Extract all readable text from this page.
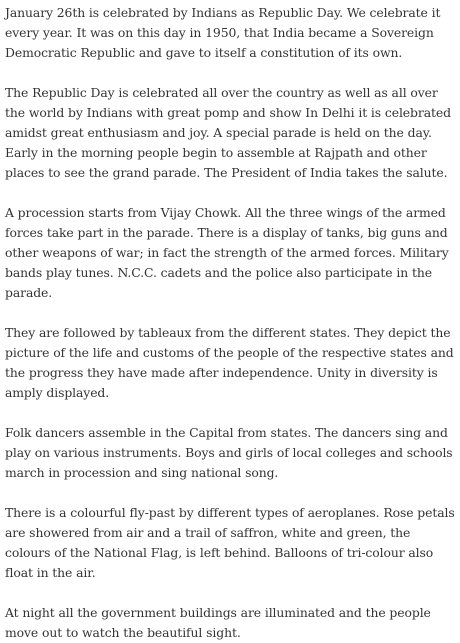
January 26th is celebrated by Indians as Republic Day. We celebrate it every year. It was on this day in 1950, that India became a Sovereign Democratic Republic and gave to itself a constitution of its own.

The Republic Day is celebrated all over the country as well as all over the world by Indians with great pomp and show In Delhi it is celebrated amidst great enthusiasm and joy. A special parade is held on the day. Early in the morning people begin to assemble at Rajpath and other places to see the grand parade. The President of India takes the salute.

A procession starts from Vijay Chowk. All the three wings of the armed forces take part in the parade. There is a display of tanks, big guns and other weapons of war; in fact the strength of the armed forces. Military bands play tunes. N.C.C. cadets and the police also participate in the parade.

They are followed by tableaux from the different states. They depict the picture of the life and customs of the people of the respective states and the progress they have made after independence. Unity in diversity is amply displayed.

Folk dancers assemble in the Capital from states. The dancers sing and play on various instruments. Boys and girls of local colleges and schools march in procession and sing national song.

There is a colourful fly-past by different types of aeroplanes. Rose petals are showered from air and a trail of saffron, white and green, the colours of the National Flag, is left behind. Balloons of tri-colour also float in the air.

At night all the government buildings are illuminated and the people move out to watch the beautiful sight.
